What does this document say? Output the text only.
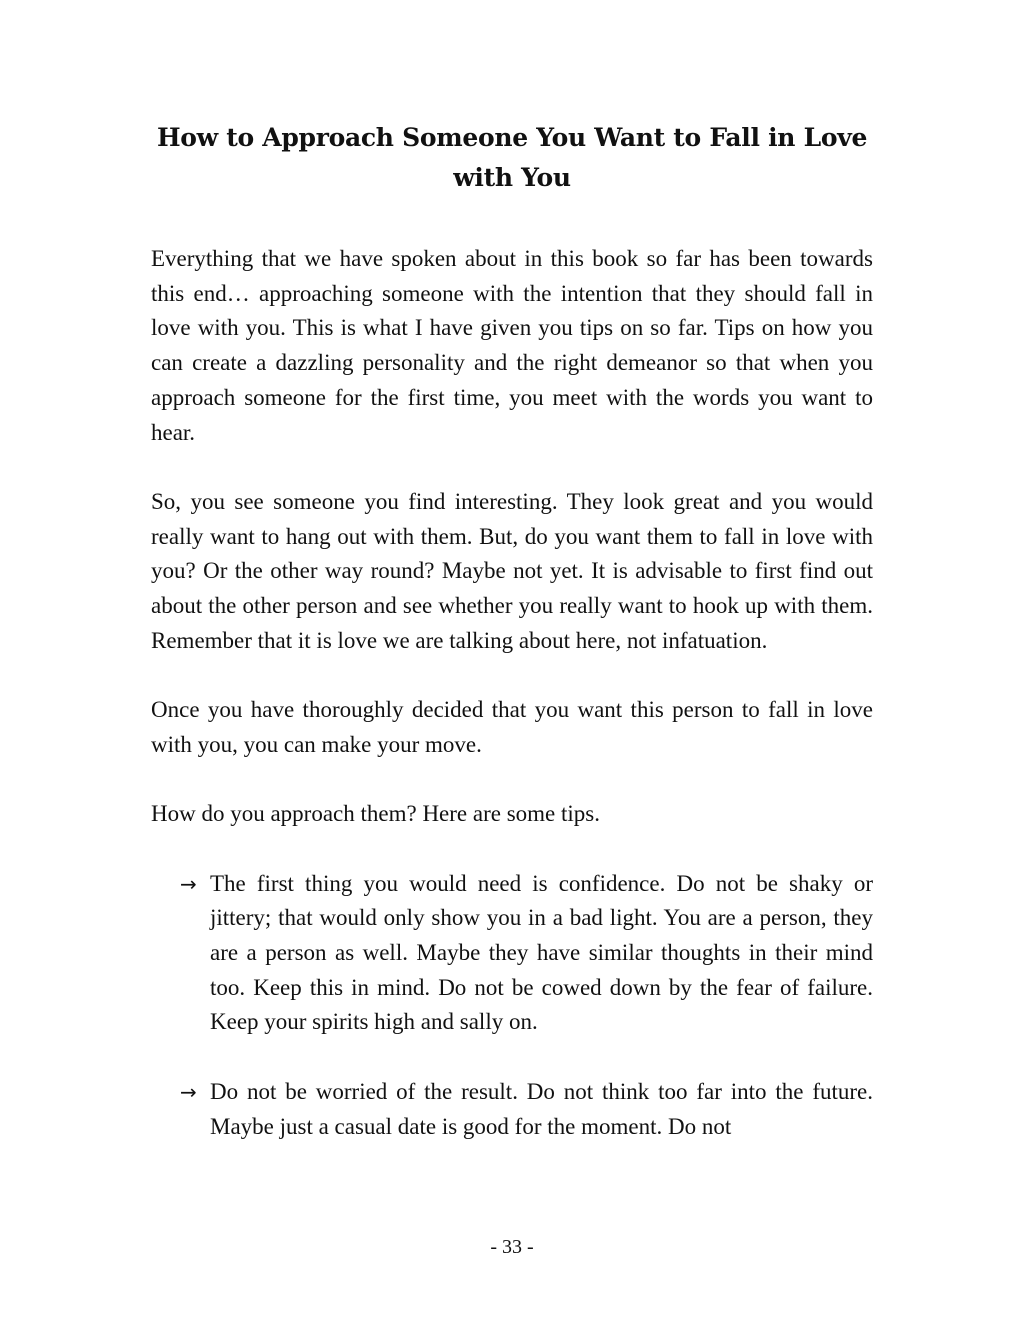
How to Approach Someone You Want to Fall in Love with You

Everything that we have spoken about in this book so far has been towards this end… approaching someone with the intention that they should fall in love with you. This is what I have given you tips on so far. Tips on how you can create a dazzling personality and the right demeanor so that when you approach someone for the first time, you meet with the words you want to hear.

So, you see someone you find interesting. They look great and you would really want to hang out with them. But, do you want them to fall in love with you? Or the other way round? Maybe not yet. It is advisable to first find out about the other person and see whether you really want to hook up with them. Remember that it is love we are talking about here, not infatuation.

Once you have thoroughly decided that you want this person to fall in love with you, you can make your move.

How do you approach them? Here are some tips.

→ The first thing you would need is confidence. Do not be shaky or jittery; that would only show you in a bad light. You are a person, they are a person as well. Maybe they have similar thoughts in their mind too. Keep this in mind. Do not be cowed down by the fear of failure. Keep your spirits high and sally on.
→ Do not be worried of the result. Do not think too far into the future. Maybe just a casual date is good for the moment. Do not
- 33 -
